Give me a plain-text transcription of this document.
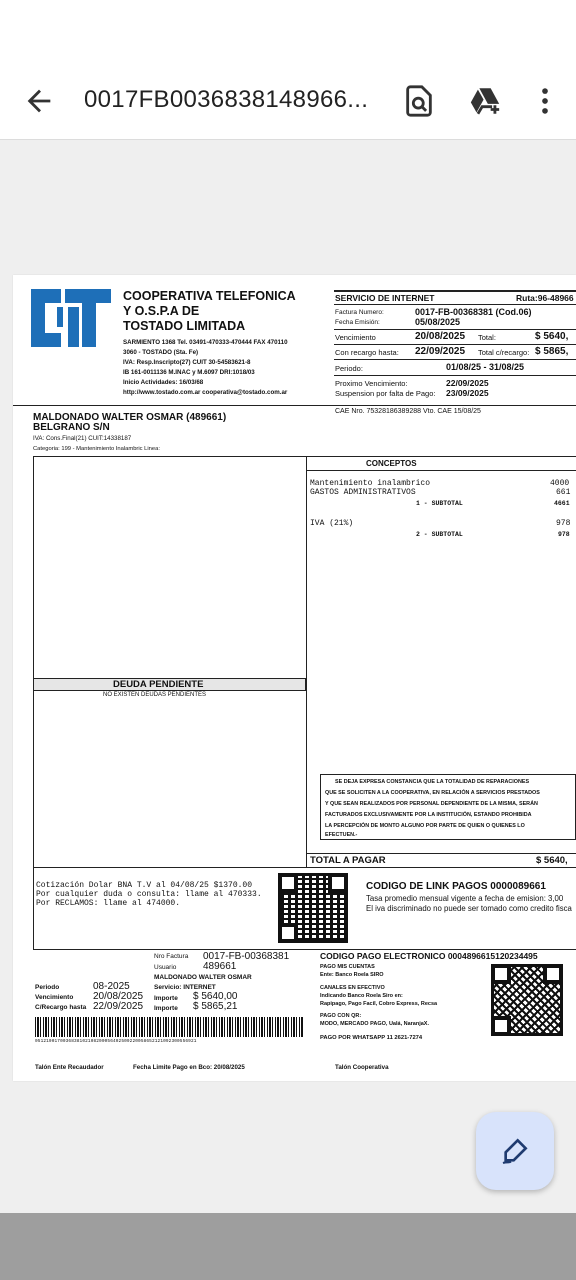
0017FB0036838148966...
COOPERATIVA TELEFONICA
Y O.S.P.A DE
TOSTADO LIMITADA
SARMIENTO 1368 Tel. 03491-470333-470444 FAX 470110
3060 - TOSTADO (Sta. Fe)
IVA: Resp.Inscripto(27) CUIT 30-54583621-8
IB 161-0011136 M.INAC y M.6097 DRI:1018/03
Inicio Actividades: 16/03/68
http://www.tostado.com.ar cooperativa@tostado.com.ar
SERVICIO DE INTERNET	Ruta:96-48966
Factura Numero:	0017-FB-00368381 (Cod.06)
Fecha Emisión:	05/08/2025
Vencimiento	20/08/2025 Total:	$ 5640,
Con recargo hasta: 22/09/2025 Total c/recargo: $ 5865,
Periodo:	01/08/25 - 31/08/25
Proximo Vencimiento:	22/09/2025
Suspension por falta de Pago: 23/09/2025
MALDONADO WALTER OSMAR (489661)
BELGRANO S/N
CAE Nro. 75328186389288 Vto. CAE 15/08/25
IVA: Cons.Final(21) CUIT:14338187
Categoria: 199 - Mantenimiento Inalambric Linea:
CONCEPTOS
Mantenimiento inalambrico	4000
GASTOS ADMINISTRATIVOS	661
1 - SUBTOTAL	4661
IVA (21%)	978
2 - SUBTOTAL	978
DEUDA PENDIENTE
NO EXISTEN DEUDAS PENDIENTES
SE DEJA EXPRESA CONSTANCIA QUE LA TOTALIDAD DE REPARACIONES
QUE SE SOLICITEN A LA COOPERATIVA, EN RELACIÓN A SERVICIOS PRESTADOS
Y QUE SEAN REALIZADOS POR PERSONAL DEPENDIENTE DE LA MISMA, SERÁN
FACTURADOS EXCLUSIVAMENTE POR LA INSTITUCIÓN, ESTANDO PROHIBIDA
LA PERCEPCIÓN DE MONTO ALGUNO POR PARTE DE QUIEN O QUIENES LO
EFECTUEN.-
TOTAL A PAGAR	$ 5640,
Cotización Dolar BNA T.V al 04/08/25 $1370.00
Por cualquier duda o consulta: llame al 470333.
Por RECLAMOS: llame al 474000.
CODIGO DE LINK PAGOS 0000089661
Tasa promedio mensual vigente a fecha de emision: 3,00
El iva discriminado no puede ser tomado como credito fisca
Nro Factura 0017-FB-00368381
Usuario	489661
MALDONADO WALTER OSMAR
Servicio: INTERNET
Periodo	08-2025
Vencimiento 20/08/2025 Importe $ 5640,00
C/Recargo hasta 22/09/2025 Importe $ 5865,21
0512100170036838102108200056402509220058652121092300556921
CODIGO PAGO ELECTRONICO 0004896615120234495
PAGO MIS CUENTAS
Ente: Banco Roela SIRO
CANALES EN EFECTIVO
Indicando Banco Roela Siro en:
Rapipago, Pago Facil, Cobro Express, Recsa
PAGO CON QR:
MODO, MERCADO PAGO, Ualá, NaranjaX.
PAGO POR WHATSAPP 11 2621-7274
Talón Ente Recaudador	Fecha Limite Pago en Bco: 20/08/2025	Talón Cooperativa
